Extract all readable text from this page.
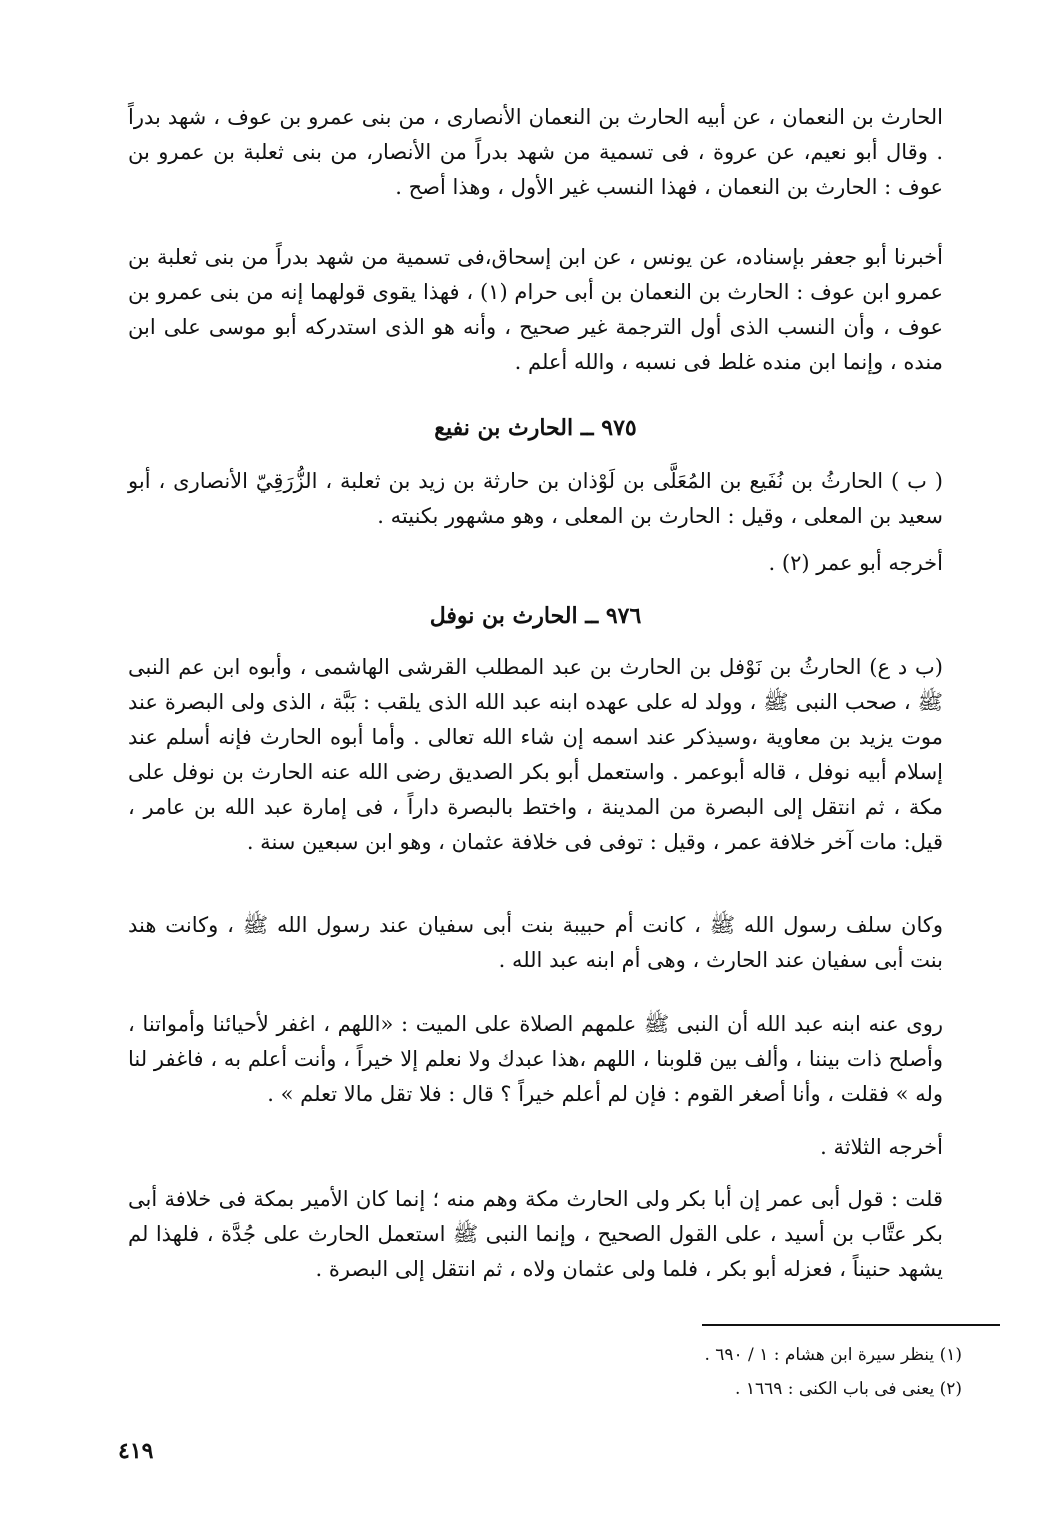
الحارث بن النعمان ، عن أبيه الحارث بن النعمان الأنصارى ، من بنى عمرو بن عوف ، شهد بدراً . وقال أبو نعيم، عن عروة ، فى تسمية من شهد بدراً من الأنصار، من بنى ثعلبة بن عمرو بن عوف : الحارث بن النعمان ، فهذا النسب غير الأول ، وهذا أصح .

أخبرنا أبو جعفر بإسناده، عن يونس ، عن ابن إسحاق،فى تسمية من شهد بدراً من بنى ثعلبة بن عمرو ابن عوف : الحارث بن النعمان بن أبى حرام (١) ، فهذا يقوى قولهما إنه من بنى عمرو بن عوف ، وأن النسب الذى أول الترجمة غير صحيح ، وأنه هو الذى استدركه أبو موسى على ابن منده ، وإنما ابن منده غلط فى نسبه ، والله أعلم .

٩٧٥ ــ الحارث بن نفيع

( ب ) الحارثُ بن نُفَيع بن المُعَلَّى بن لَوْذان بن حارثة بن زيد بن ثعلبة ، الزُّرَقِيّ الأنصارى ، أبو سعيد بن المعلى ، وقيل : الحارث بن المعلى ، وهو مشهور بكنيته .

أخرجه أبو عمر (٢) .

٩٧٦ ــ الحارث بن نوفل

(ب د ع) الحارثُ بن نَوْفل بن الحارث بن عبد المطلب القرشى الهاشمى ، وأبوه ابن عم النبى ﷺ ، صحب النبى ﷺ ، وولد له على عهده ابنه عبد الله الذى يلقب : بَبَّة ، الذى ولى البصرة عند موت يزيد بن معاوية ،وسيذكر عند اسمه إن شاء الله تعالى . وأما أبوه الحارث فإنه أسلم عند إسلام أبيه نوفل ، قاله أبوعمر . واستعمل أبو بكر الصديق رضى الله عنه الحارث بن نوفل على مكة ، ثم انتقل إلى البصرة من المدينة ، واختط بالبصرة داراً ، فى إمارة عبد الله بن عامر ، قيل: مات آخر خلافة عمر ، وقيل : توفى فى خلافة عثمان ، وهو ابن سبعين سنة .

وكان سلف رسول الله ﷺ ، كانت أم حبيبة بنت أبى سفيان عند رسول الله ﷺ ، وكانت هند بنت أبى سفيان عند الحارث ، وهى أم ابنه عبد الله .

روى عنه ابنه عبد الله أن النبى ﷺ علمهم الصلاة على الميت : «اللهم ، اغفر لأحيائنا وأمواتنا ، وأصلح ذات بيننا ، وألف بين قلوبنا ، اللهم ،هذا عبدك ولا نعلم إلا خيراً ، وأنت أعلم به ، فاغفر لنا وله » فقلت ، وأنا أصغر القوم : فإن لم أعلم خيراً ؟ قال : فلا تقل مالا تعلم » .

أخرجه الثلاثة .

قلت : قول أبى عمر إن أبا بكر ولى الحارث مكة وهم منه ؛ إنما كان الأمير بمكة فى خلافة أبى بكر عتَّاب بن أسيد ، على القول الصحيح ، وإنما النبى ﷺ استعمل الحارث على جُدَّة ، فلهذا لم يشهد حنيناً ، فعزله أبو بكر ، فلما ولى عثمان ولاه ، ثم انتقل إلى البصرة .

(١) ينظر سيرة ابن هشام : ١ / ٦٩٠ .

(٢) يعنى فى باب الكنى : ١٦٦٩ .

٤١٩
